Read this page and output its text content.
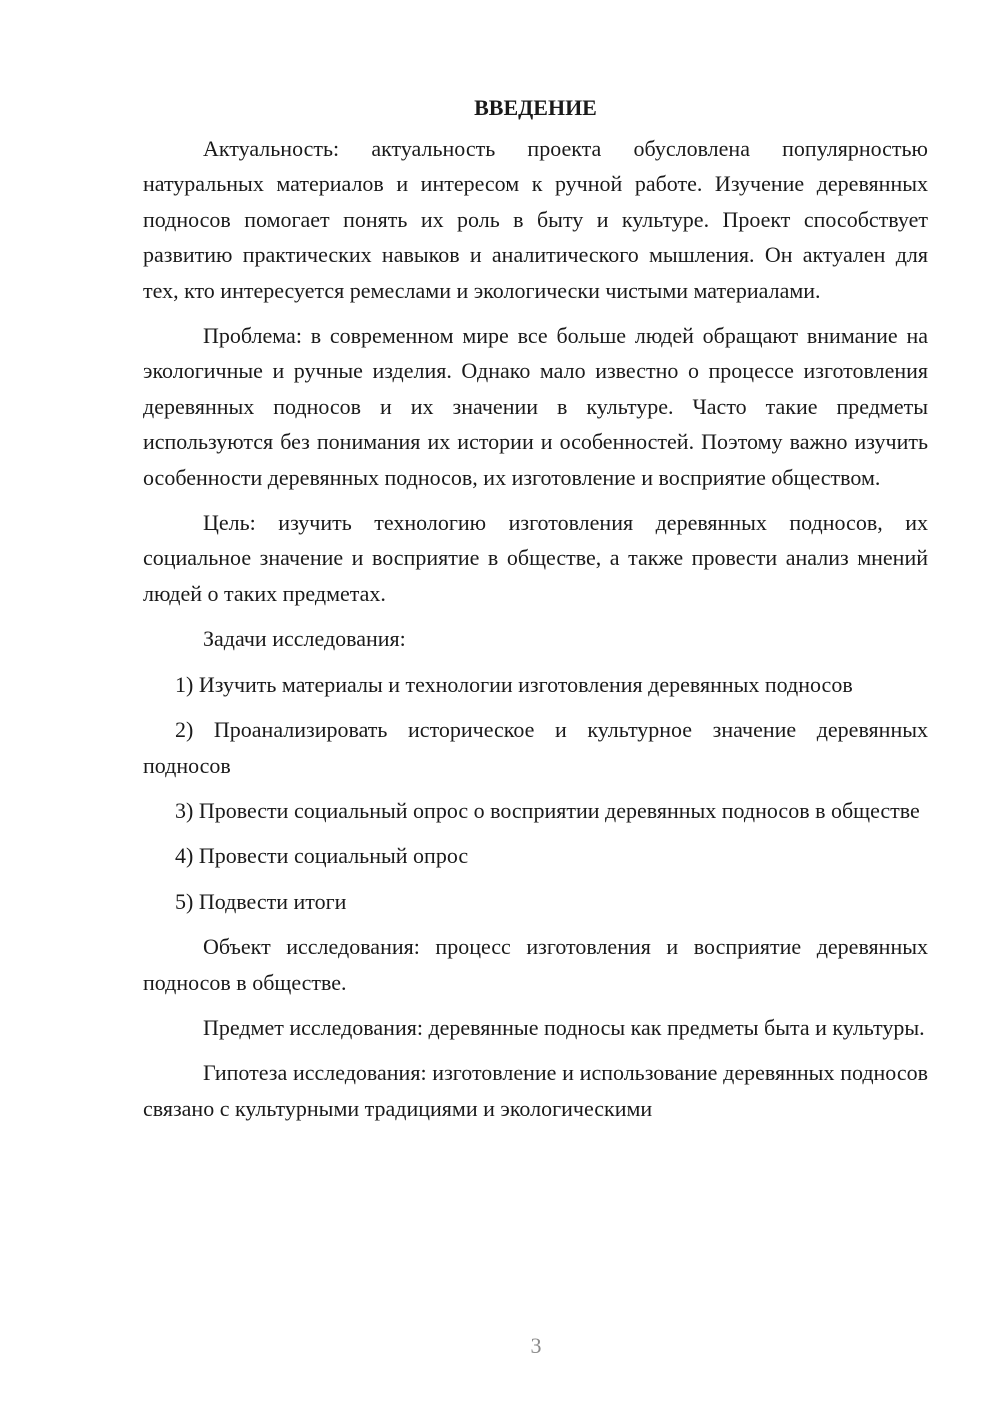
ВВЕДЕНИЕ

Актуальность: актуальность проекта обусловлена популярностью натуральных материалов и интересом к ручной работе. Изучение деревянных подносов помогает понять их роль в быту и культуре. Проект способствует развитию практических навыков и аналитического мышления. Он актуален для тех, кто интересуется ремеслами и экологически чистыми материалами.

Проблема: в современном мире все больше людей обращают внимание на экологичные и ручные изделия. Однако мало известно о процессе изготовления деревянных подносов и их значении в культуре. Часто такие предметы используются без понимания их истории и особенностей. Поэтому важно изучить особенности деревянных подносов, их изготовление и восприятие обществом.

Цель: изучить технологию изготовления деревянных подносов, их социальное значение и восприятие в обществе, а также провести анализ мнений людей о таких предметах.

Задачи исследования:

1) Изучить материалы и технологии изготовления деревянных подносов

2) Проанализировать историческое и культурное значение деревянных подносов

3) Провести социальный опрос о восприятии деревянных подносов в обществе

4) Провести социальный опрос

5) Подвести итоги

Объект исследования: процесс изготовления и восприятие деревянных подносов в обществе.

Предмет исследования: деревянные подносы как предметы быта и культуры.

Гипотеза исследования: изготовление и использование деревянных подносов связано с культурными традициями и экологическими

3
